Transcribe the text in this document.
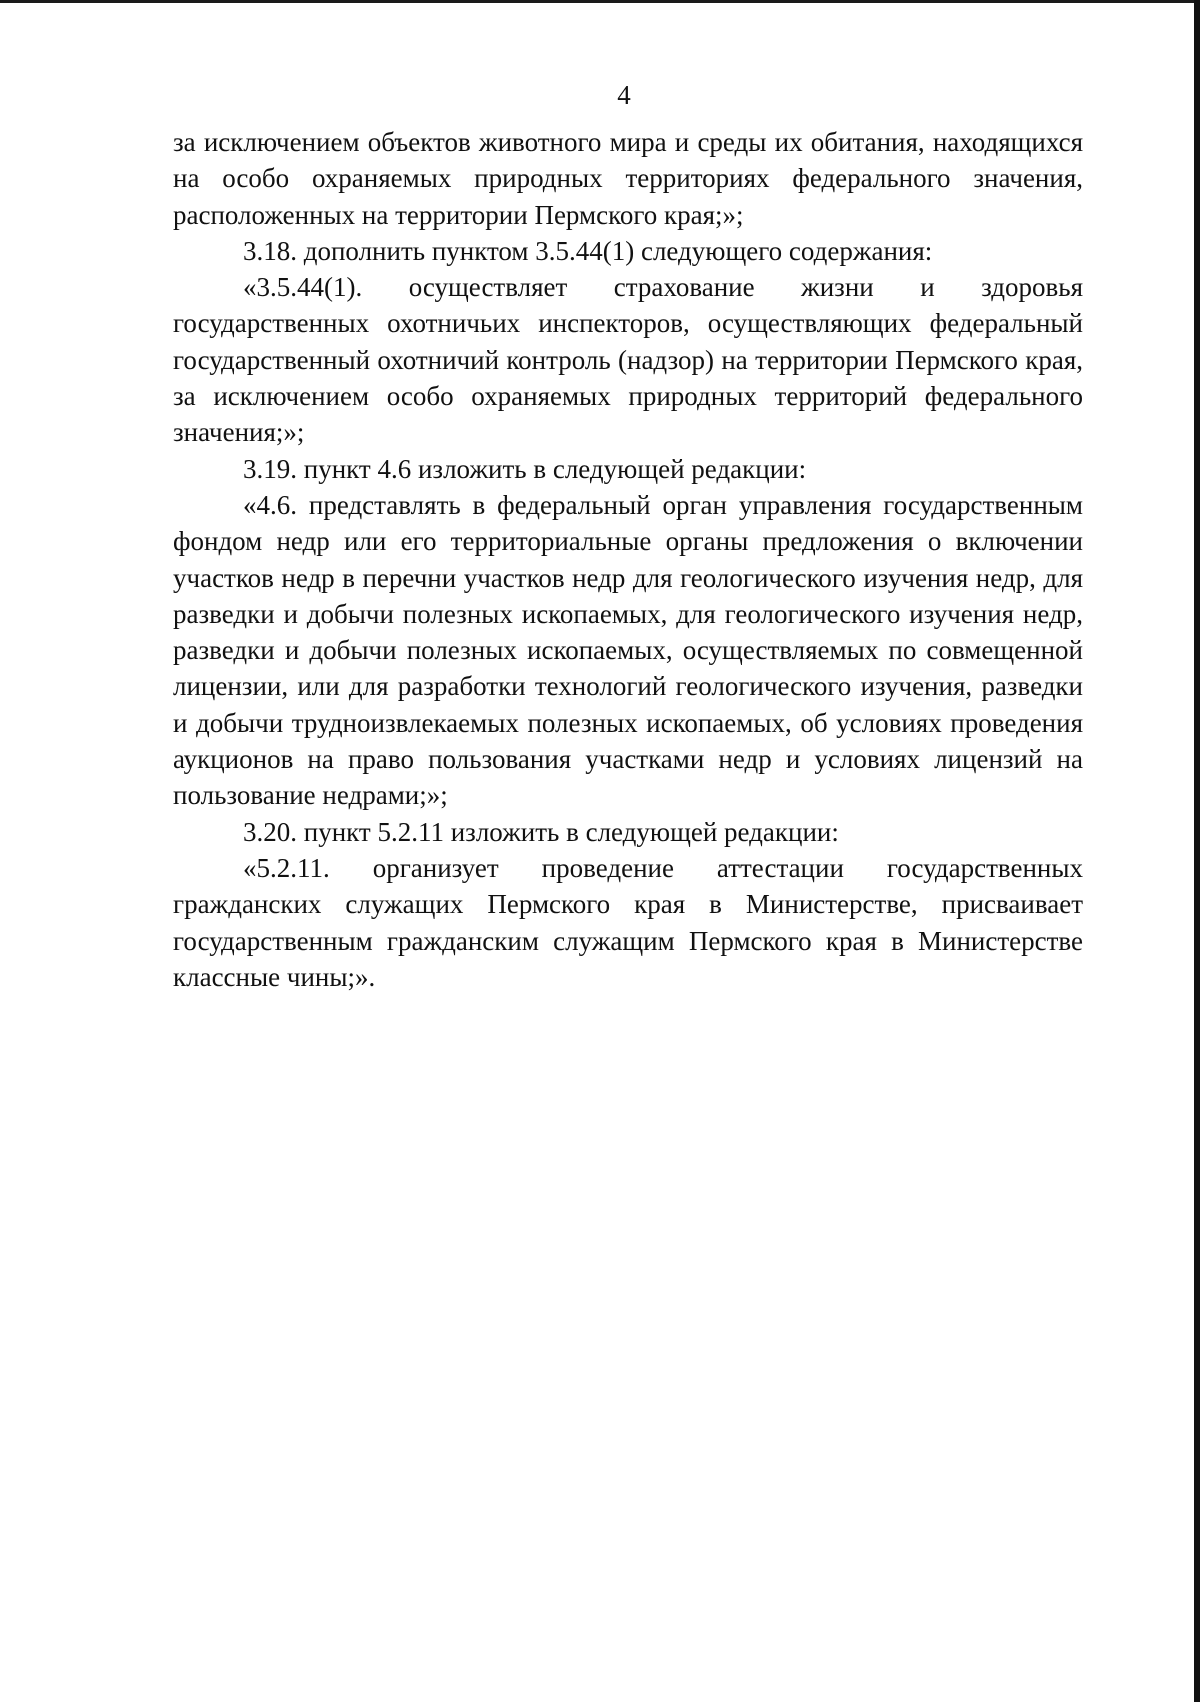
4

за исключением объектов животного мира и среды их обитания, находящихся на особо охраняемых природных территориях федерального значения, расположенных на территории Пермского края;»;

3.18. дополнить пунктом 3.5.44(1) следующего содержания:

«3.5.44(1). осуществляет страхование жизни и здоровья государственных охотничьих инспекторов, осуществляющих федеральный государственный охотничий контроль (надзор) на территории Пермского края, за исключением особо охраняемых природных территорий федерального значения;»;

3.19. пункт 4.6 изложить в следующей редакции:

«4.6. представлять в федеральный орган управления государственным фондом недр или его территориальные органы предложения о включении участков недр в перечни участков недр для геологического изучения недр, для разведки и добычи полезных ископаемых, для геологического изучения недр, разведки и добычи полезных ископаемых, осуществляемых по совмещенной лицензии, или для разработки технологий геологического изучения, разведки и добычи трудноизвлекаемых полезных ископаемых, об условиях проведения аукционов на право пользования участками недр и условиях лицензий на пользование недрами;»;

3.20. пункт 5.2.11 изложить в следующей редакции:

«5.2.11. организует проведение аттестации государственных гражданских служащих Пермского края в Министерстве, присваивает государственным гражданским служащим Пермского края в Министерстве классные чины;».
